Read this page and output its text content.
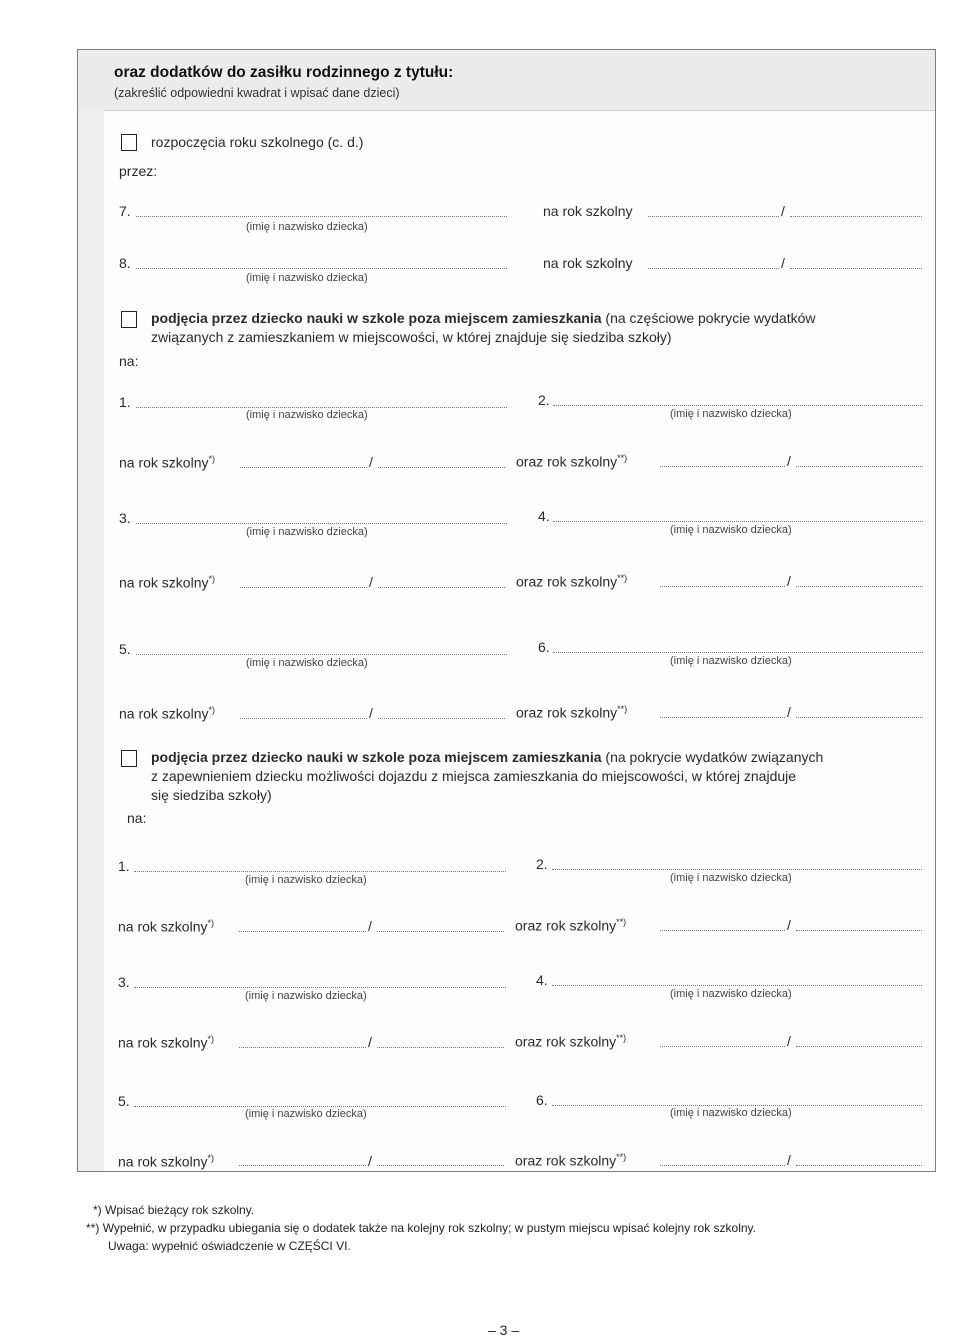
oraz dodatków do zasiłku rodzinnego z tytułu:
(zakreślić odpowiedni kwadrat i wpisać dane dzieci)
rozpoczęcia roku szkolnego (c. d.)
przez:
7.
(imię i nazwisko dziecka)
na rok szkolny	/
8.
(imię i nazwisko dziecka)
na rok szkolny	/
podjęcia przez dziecko nauki w szkole poza miejscem zamieszkania (na częściowe pokrycie wydatków
związanych z zamieszkaniem w miejscowości, w której znajduje się siedziba szkoły)
na:
1.
(imię i nazwisko dziecka)
2.
(imię i nazwisko dziecka)
na rok szkolny*)	/	oraz rok szkolny**)	/
3.
(imię i nazwisko dziecka)
4.
(imię i nazwisko dziecka)
na rok szkolny*)	/	oraz rok szkolny**)	/
5.
(imię i nazwisko dziecka)
6.
(imię i nazwisko dziecka)
na rok szkolny*)	/	oraz rok szkolny**)	/
podjęcia przez dziecko nauki w szkole poza miejscem zamieszkania (na pokrycie wydatków związanych
z zapewnieniem dziecku możliwości dojazdu z miejsca zamieszkania do miejscowości, w której znajduje
się siedziba szkoły)
na:
1.
(imię i nazwisko dziecka)
2.
(imię i nazwisko dziecka)
na rok szkolny*)	/	oraz rok szkolny**)	/
3.
(imię i nazwisko dziecka)
4.
(imię i nazwisko dziecka)
na rok szkolny*)	/	oraz rok szkolny**)	/
5.
(imię i nazwisko dziecka)
6.
(imię i nazwisko dziecka)
na rok szkolny*)	/	oraz rok szkolny**)	/
*) Wpisać bieżący rok szkolny.
**) Wypełnić, w przypadku ubiegania się o dodatek także na kolejny rok szkolny; w pustym miejscu wpisać kolejny rok szkolny.
Uwaga: wypełnić oświadczenie w CZĘŚCI VI.
– 3 –
